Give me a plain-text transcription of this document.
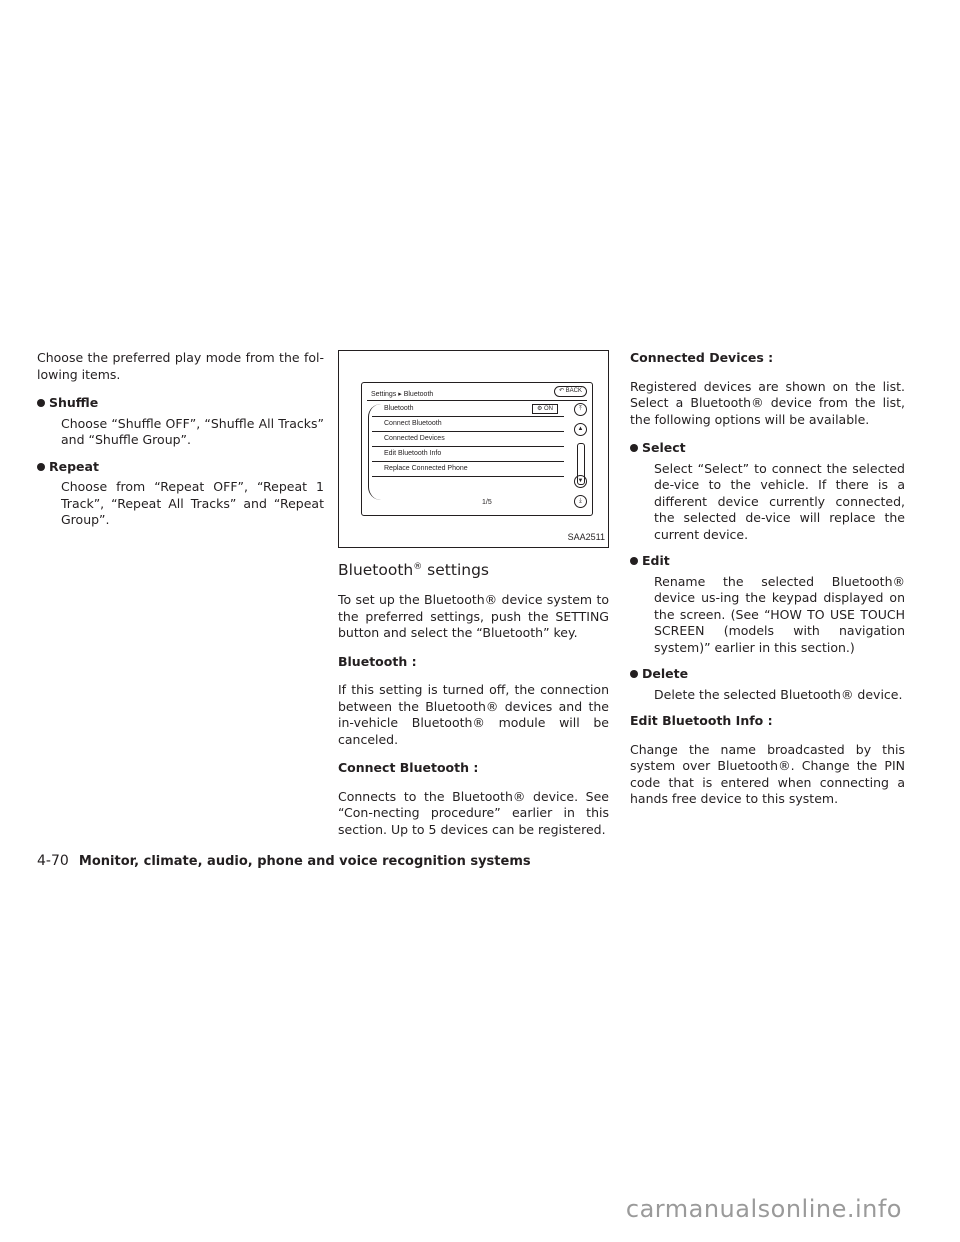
Choose the preferred play mode from the fol-lowing items.

Shuffle
Choose “Shuffle OFF”, “Shuffle All Tracks” and “Shuffle Group”.
Repeat
Choose from “Repeat OFF”, “Repeat 1 Track”, “Repeat All Tracks” and “Repeat Group”.
Settings ▸ Bluetooth	↶ BACK
Bluetooth	⚙ ON
Connect Bluetooth
Connected Devices
Edit Bluetooth Info
Replace Connected Phone
⤒
▲
▼
⤓
1/5
SAA2511
Bluetooth® settings

To set up the Bluetooth® device system to the preferred settings, push the SETTING button and select the “Bluetooth” key.

Bluetooth :

If this setting is turned off, the connection between the Bluetooth® devices and the in-vehicle Bluetooth® module will be canceled.

Connect Bluetooth :

Connects to the Bluetooth® device. See “Con-necting procedure” earlier in this section. Up to 5 devices can be registered.

Connected Devices :

Registered devices are shown on the list. Select a Bluetooth® device from the list, the following options will be available.

Select
Select “Select” to connect the selected de-vice to the vehicle. If there is a different device currently connected, the selected de-vice will replace the current device.
Edit
Rename the selected Bluetooth® device us-ing the keypad displayed on the screen. (See “HOW TO USE TOUCH SCREEN (models with navigation system)” earlier in this section.)
Delete
Delete the selected Bluetooth® device.
Edit Bluetooth Info :

Change the name broadcasted by this system over Bluetooth®. Change the PIN code that is entered when connecting a hands free device to this system.

4-70 Monitor, climate, audio, phone and voice recognition systems
carmanualsonline.info
